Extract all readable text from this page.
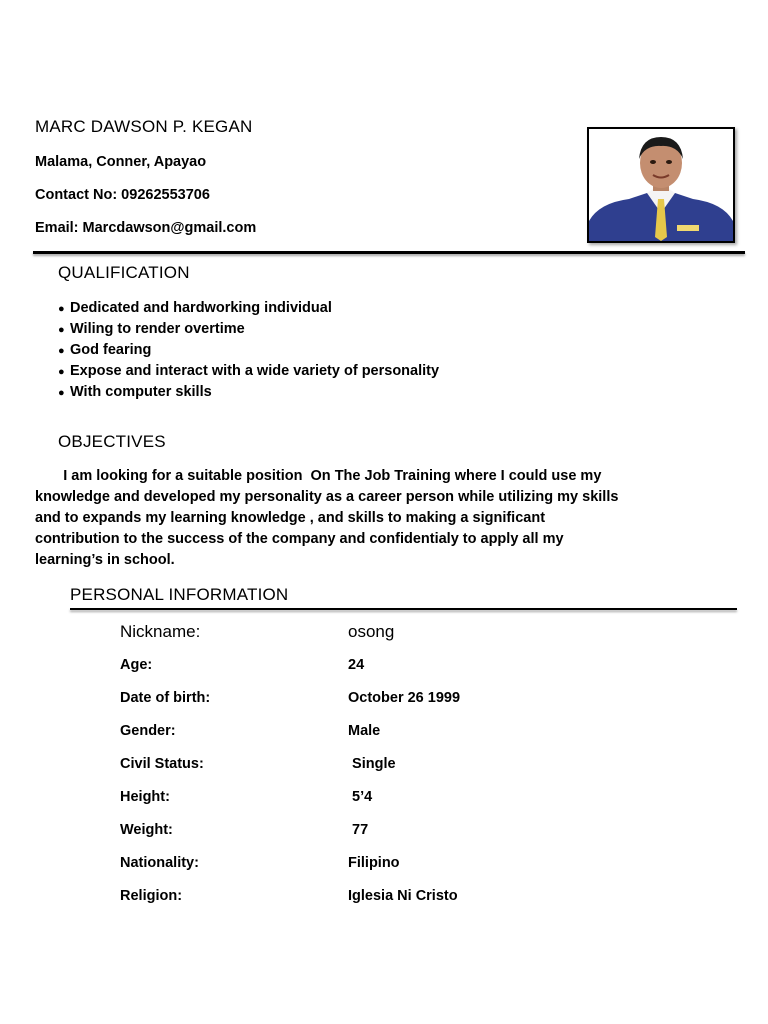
MARC DAWSON P. KEGAN
Malama, Conner, Apayao
Contact No: 09262553706
Email: Marcdawson@gmail.com
QUALIFICATION
● Dedicated and hardworking individual
● Wiling to render overtime
● God fearing
● Expose and interact with a wide variety of personality
● With computer skills
OBJECTIVES
I am looking for a suitable position  On The Job Training where I could use my
knowledge and developed my personality as a career person while utilizing my skills
and to expands my learning knowledge , and skills to making a significant
contribution to the success of the company and confidentialy to apply all my
learning’s in school.
PERSONAL INFORMATION
Nickname:	osong
Age:	24
Date of birth:	October 26 1999
Gender:	Male
Civil Status:	Single
Height:	5’4
Weight:	77
Nationality:	Filipino
Religion:	Iglesia Ni Cristo
